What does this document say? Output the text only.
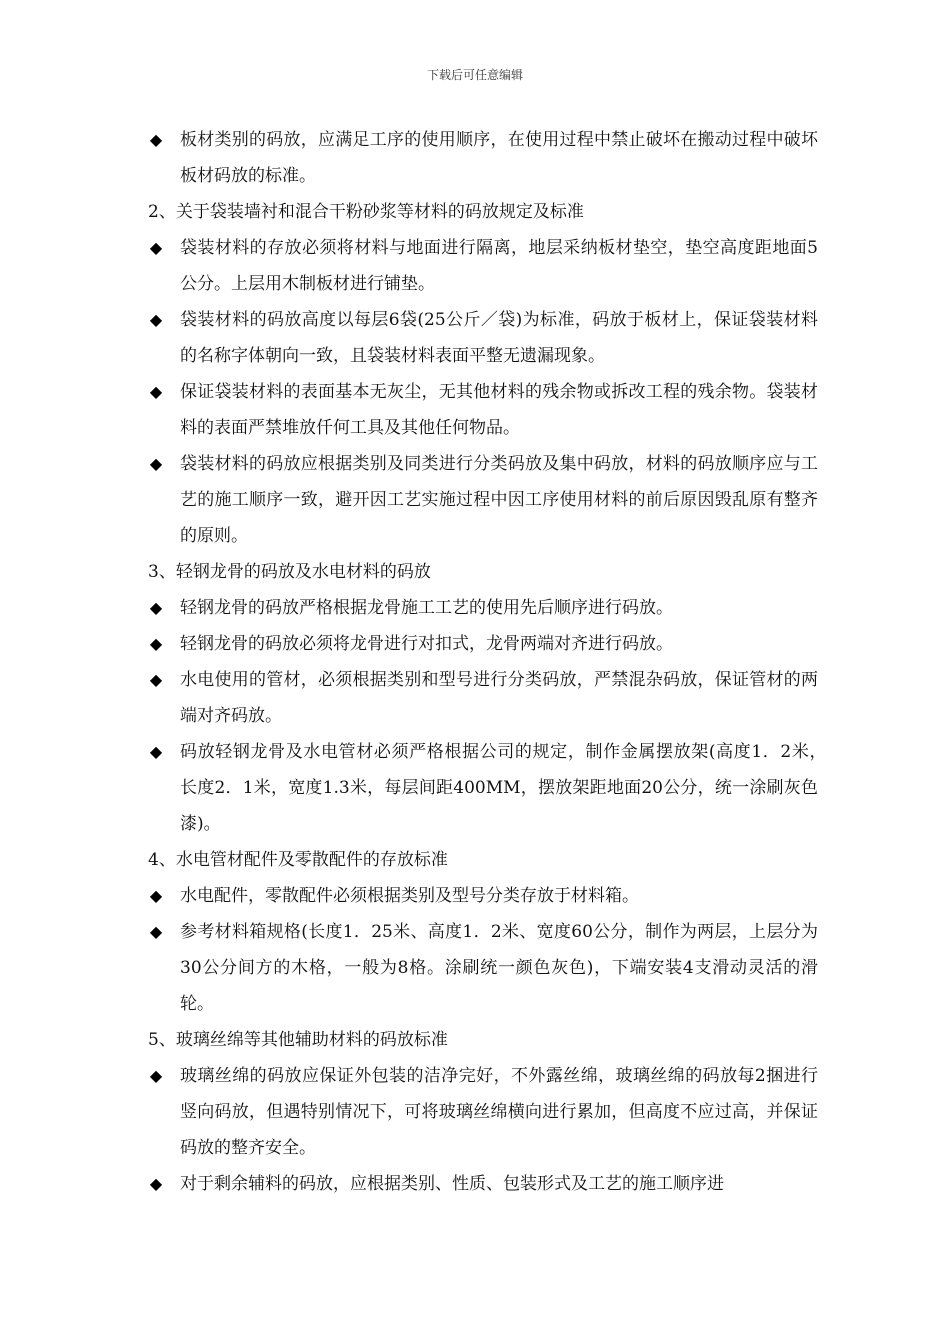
下载后可任意编辑
◆ 板材类别的码放，应满足工序的使用顺序，在使用过程中禁止破坏在搬动过程中破坏板材码放的标准。
2、关于袋装墙衬和混合干粉砂浆等材料的码放规定及标准
◆ 袋装材料的存放必须将材料与地面进行隔离，地层采纳板材垫空，垫空高度距地面5公分。上层用木制板材进行铺垫。
◆ 袋装材料的码放高度以每层6袋(25公斤／袋)为标准，码放于板材上，保证袋装材料的名称字体朝向一致，且袋装材料表面平整无遗漏现象。
◆ 保证袋装材料的表面基本无灰尘，无其他材料的残余物或拆改工程的残余物。袋装材料的表面严禁堆放仟何工具及其他任何物品。
◆ 袋装材料的码放应根据类别及同类进行分类码放及集中码放，材料的码放顺序应与工艺的施工顺序一致，避开因工艺实施过程中因工序使用材料的前后原因毁乱原有整齐的原则。
3、轻钢龙骨的码放及水电材料的码放
◆ 轻钢龙骨的码放严格根据龙骨施工工艺的使用先后顺序进行码放。
◆ 轻钢龙骨的码放必须将龙骨进行对扣式，龙骨两端对齐进行码放。
◆ 水电使用的管材，必须根据类别和型号进行分类码放，严禁混杂码放，保证管材的两端对齐码放。
◆ 码放轻钢龙骨及水电管材必须严格根据公司的规定，制作金属摆放架(高度1．2米，　长度2．1米，宽度1.3米，每层间距400MM，摆放架距地面20公分，统一涂刷灰色漆)。
4、水电管材配件及零散配件的存放标准
◆ 水电配件，零散配件必须根据类别及型号分类存放于材料箱。
◆ 参考材料箱规格(长度1．25米、高度1．2米、宽度60公分，制作为两层，上层分为30公分间方的木格，一般为8格。涂刷统一颜色灰色)，下端安装4支滑动灵活的滑轮。
5、玻璃丝绵等其他辅助材料的码放标准
◆ 玻璃丝绵的码放应保证外包装的洁净完好，不外露丝绵，玻璃丝绵的码放每2捆进行竖向码放，但遇特别情况下，可将玻璃丝绵横向进行累加，但高度不应过高，并保证码放的整齐安全。
◆ 对于剩余辅料的码放，应根据类别、性质、包装形式及工艺的施工顺序进
